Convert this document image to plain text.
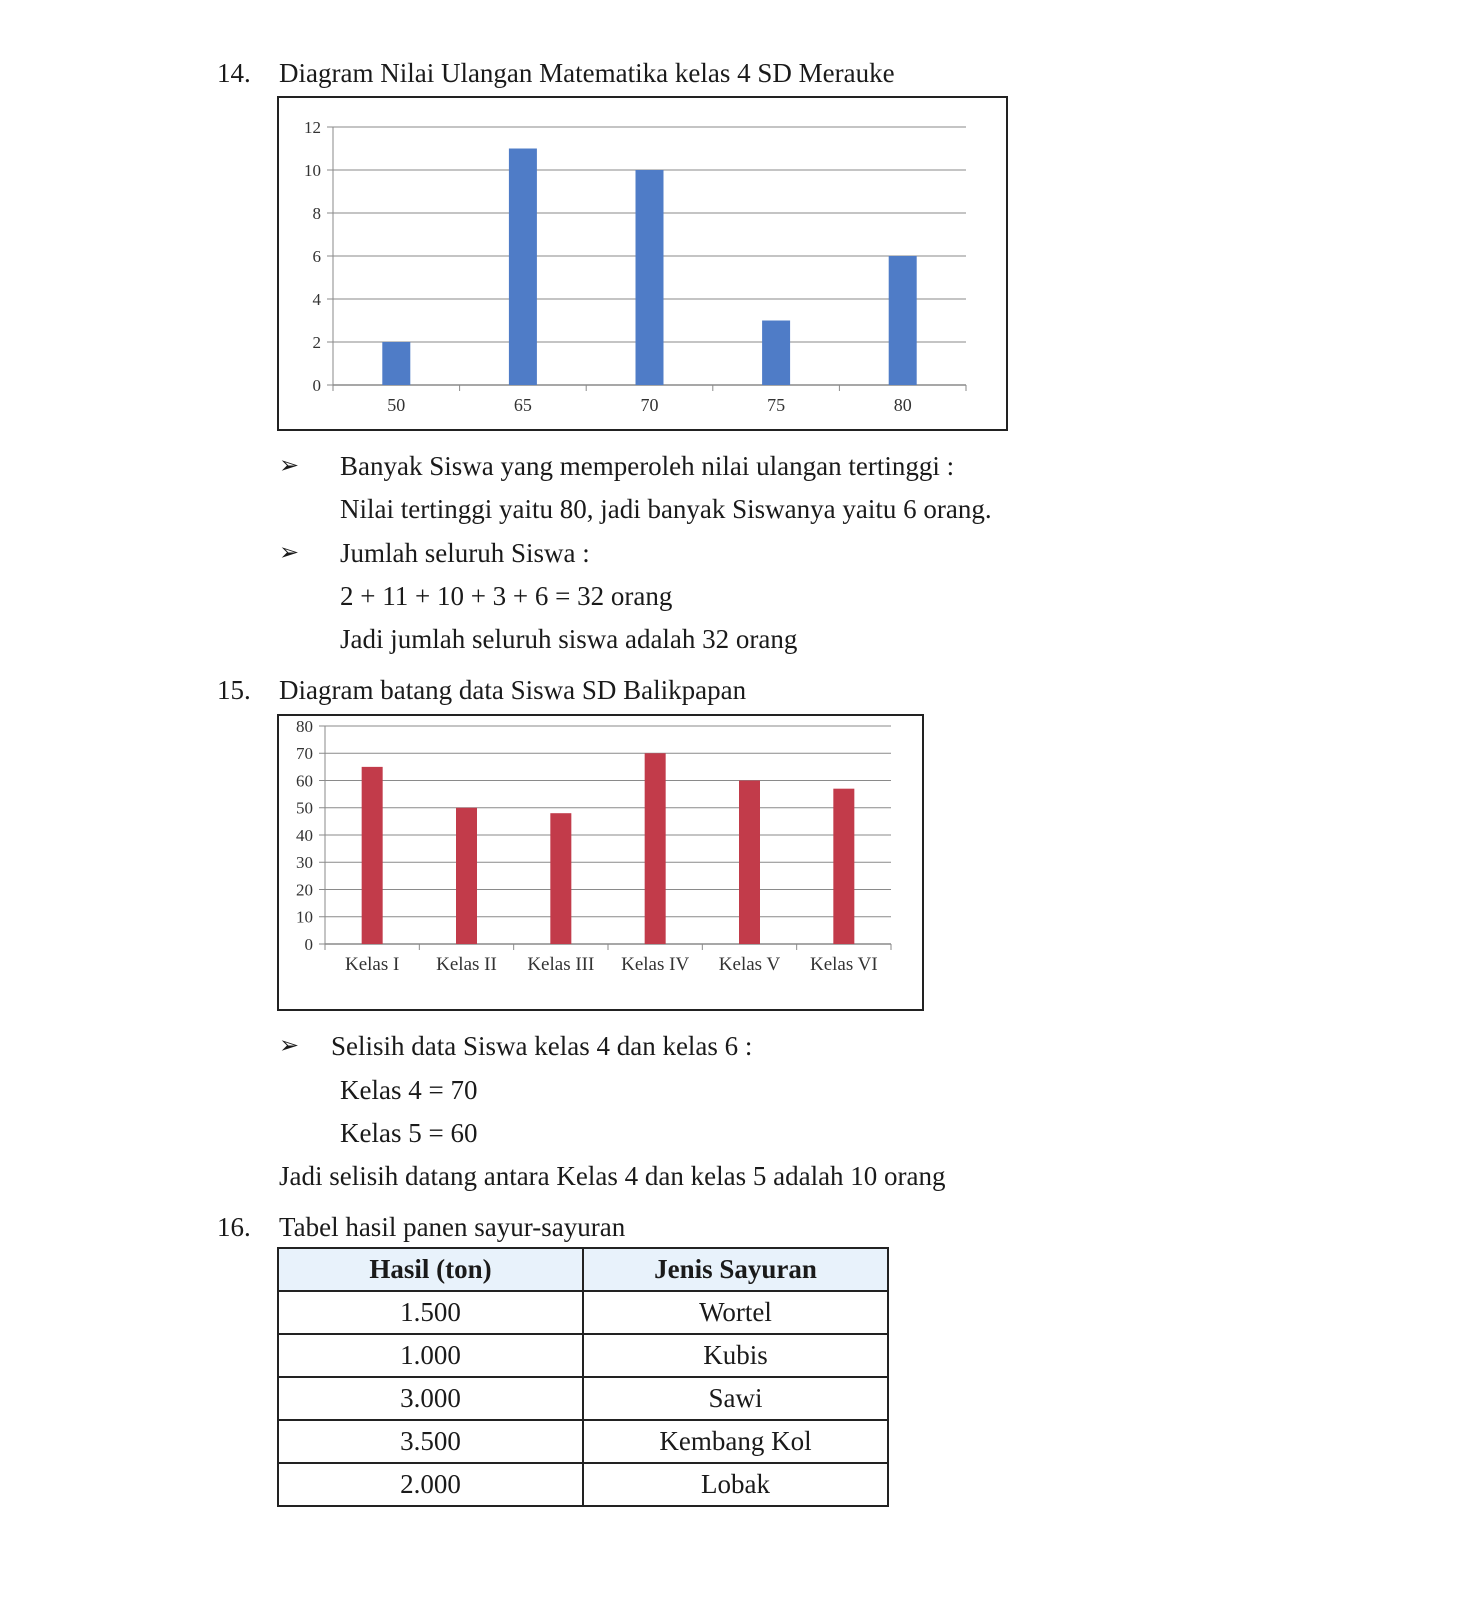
14. Diagram Nilai Ulangan Matematika kelas 4 SD Merauke
0
2
4
6
8
10
12
50	65	70	75	80
➢ Banyak Siswa yang memperoleh nilai ulangan tertinggi :
Nilai tertinggi yaitu 80, jadi banyak Siswanya yaitu 6 orang.
➢ Jumlah seluruh Siswa :
2 + 11 + 10 + 3 + 6 = 32 orang
Jadi jumlah seluruh siswa adalah 32 orang
15. Diagram batang data Siswa SD Balikpapan
0
10
20
30
40
50
60
70
80
Kelas I Kelas II Kelas III Kelas IV Kelas V Kelas VI
➢ Selisih data Siswa kelas 4 dan kelas 6 :
Kelas 4 = 70
Kelas 5 = 60
Jadi selisih datang antara Kelas 4 dan kelas 5 adalah 10 orang
16. Tabel hasil panen sayur-sayuran
Hasil (ton)	Jenis Sayuran
1.500	Wortel
1.000	Kubis
3.000	Sawi
3.500	Kembang Kol
2.000	Lobak
